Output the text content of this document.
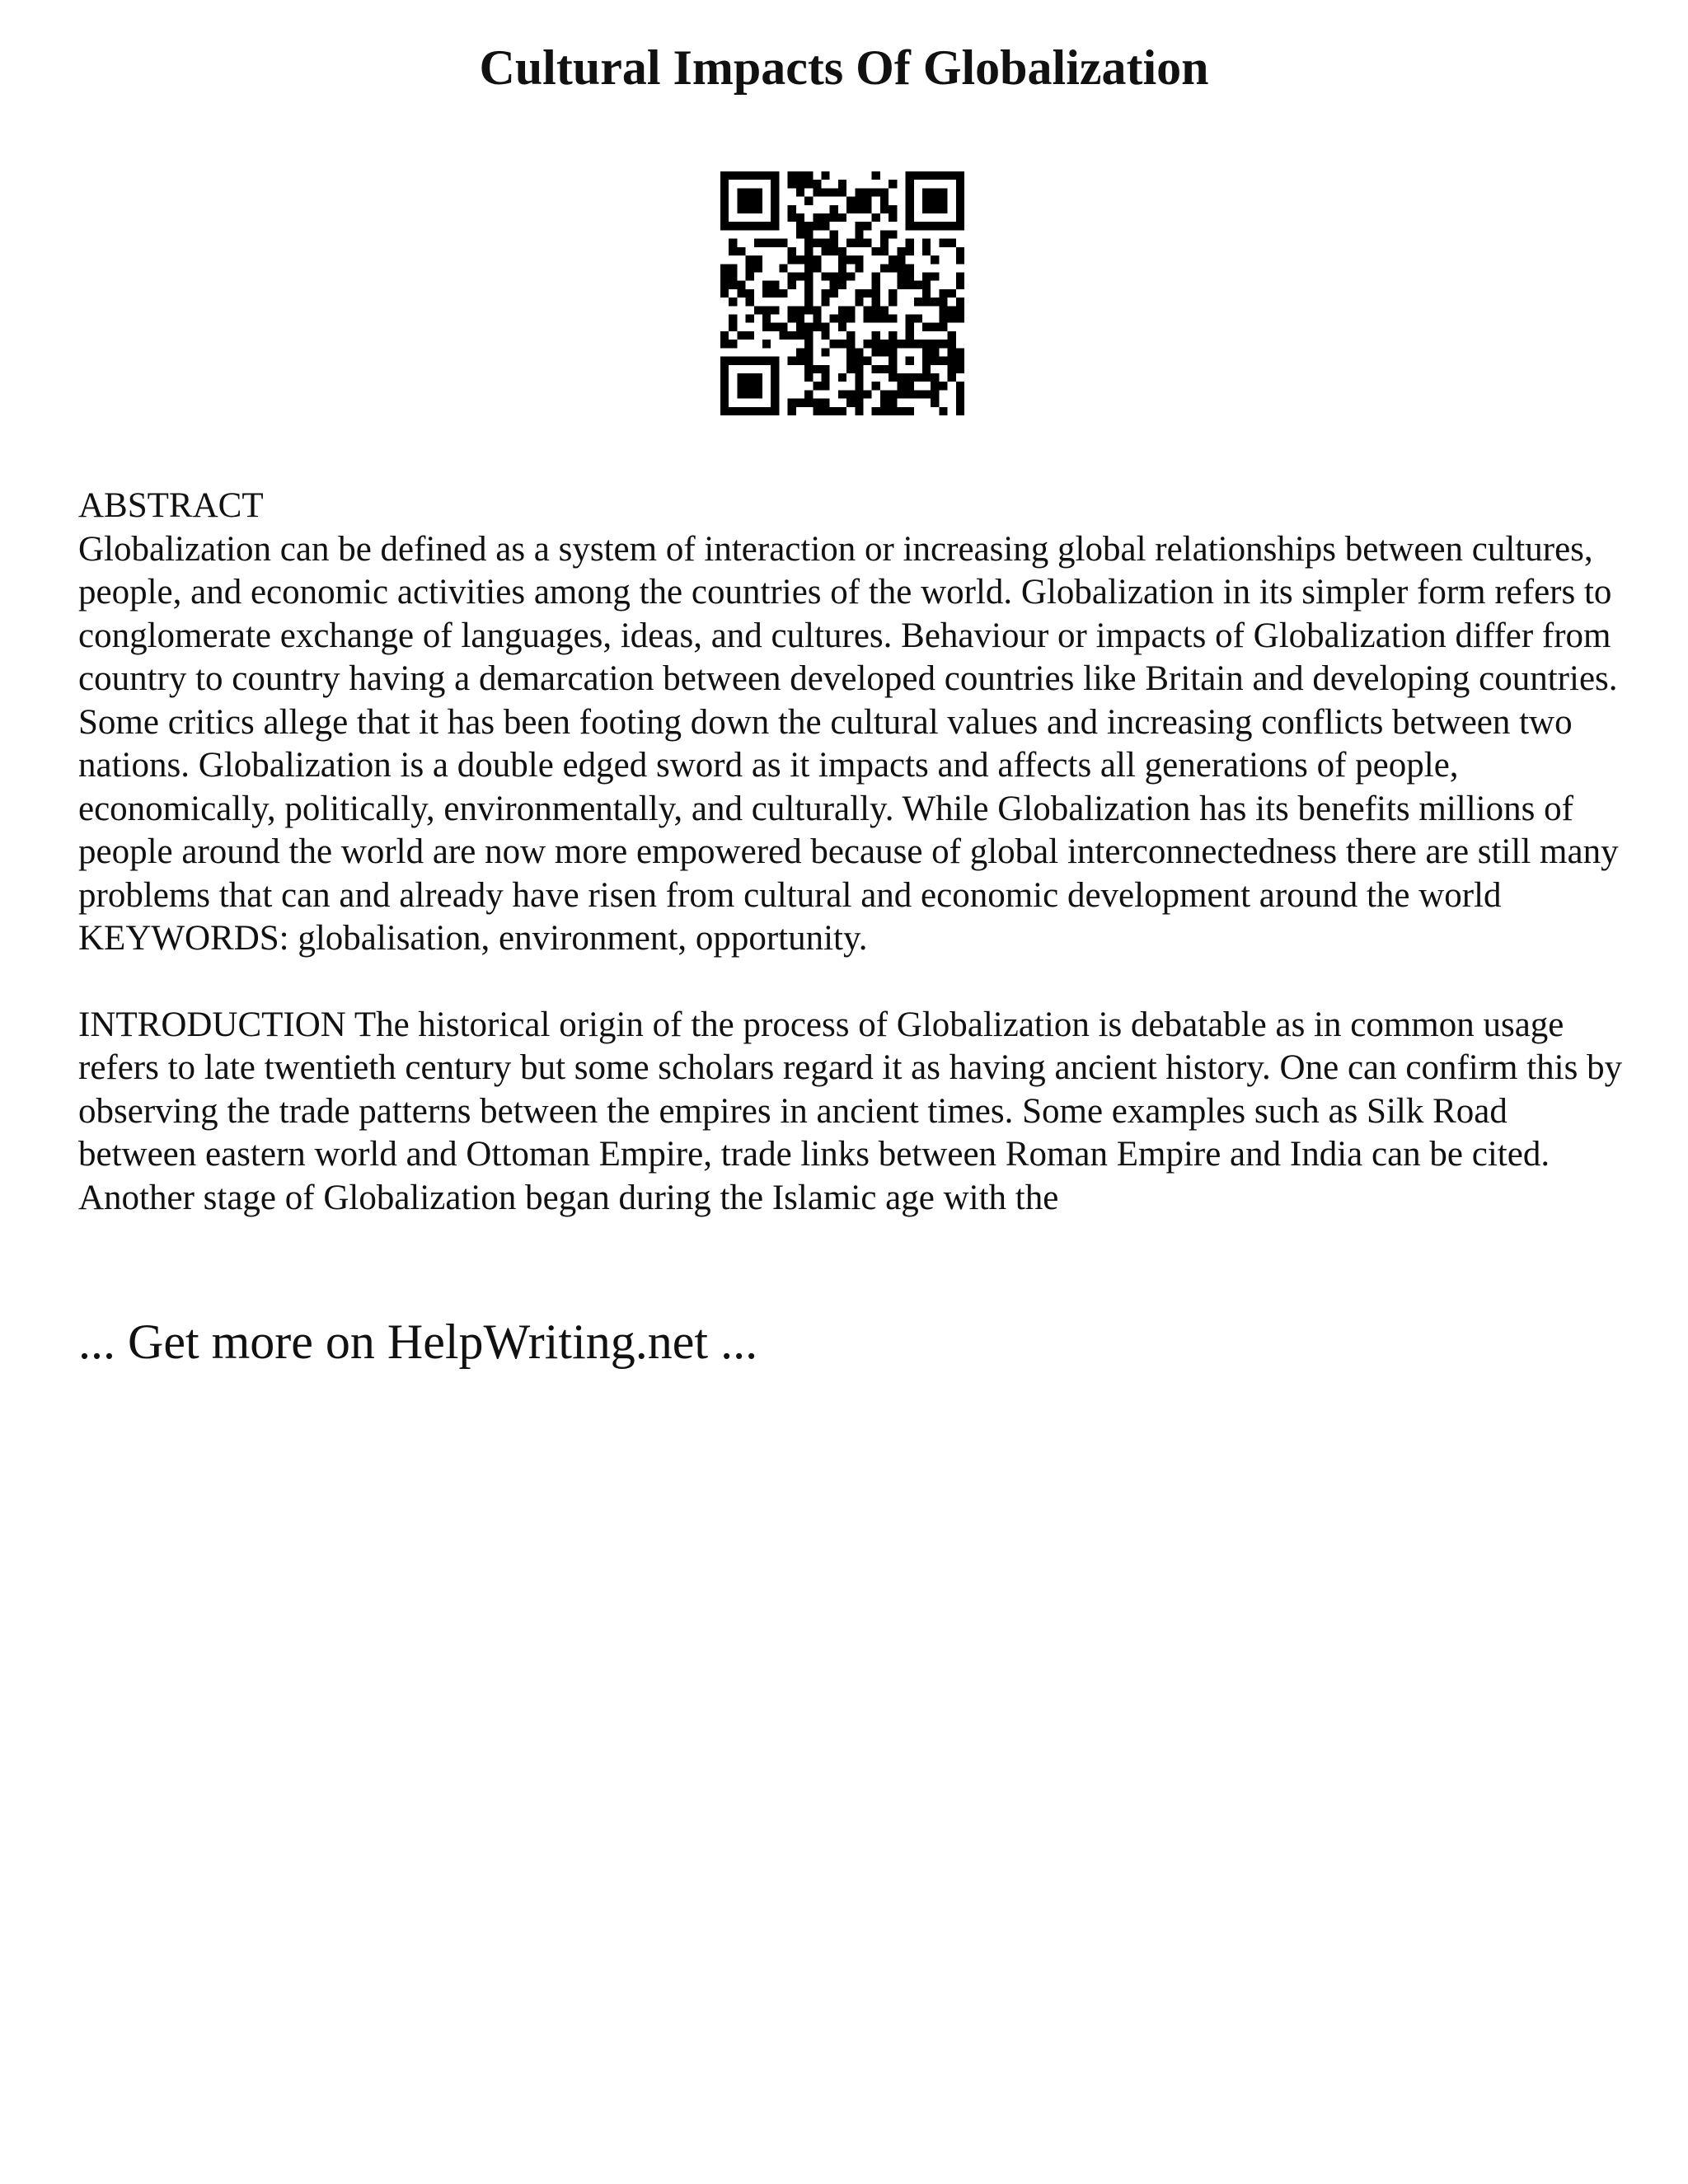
Cultural Impacts Of Globalization

ABSTRACT

Globalization can be defined as a system of interaction or increasing global relationships between cultures, people, and economic activities among the countries of the world. Globalization in its simpler form refers to conglomerate exchange of languages, ideas, and cultures. Behaviour or impacts of Globalization differ from country to country having a demarcation between developed countries like Britain and developing countries. Some critics allege that it has been footing down the cultural values and increasing conflicts between two nations. Globalization is a double edged sword as it impacts and affects all generations of people, economically, politically, environmentally, and culturally. While Globalization has its benefits millions of people around the world are now more empowered because of global interconnectedness there are still many problems that can and already have risen from cultural and economic development around the world KEYWORDS: globalisation, environment, opportunity.

INTRODUCTION The historical origin of the process of Globalization is debatable as in common usage refers to late twentieth century but some scholars regard it as having ancient history. One can confirm this by observing the trade patterns between the empires in ancient times. Some examples such as Silk Road between eastern world and Ottoman Empire, trade links between Roman Empire and India can be cited. Another stage of Globalization began during the Islamic age with the

... Get more on HelpWriting.net ...
